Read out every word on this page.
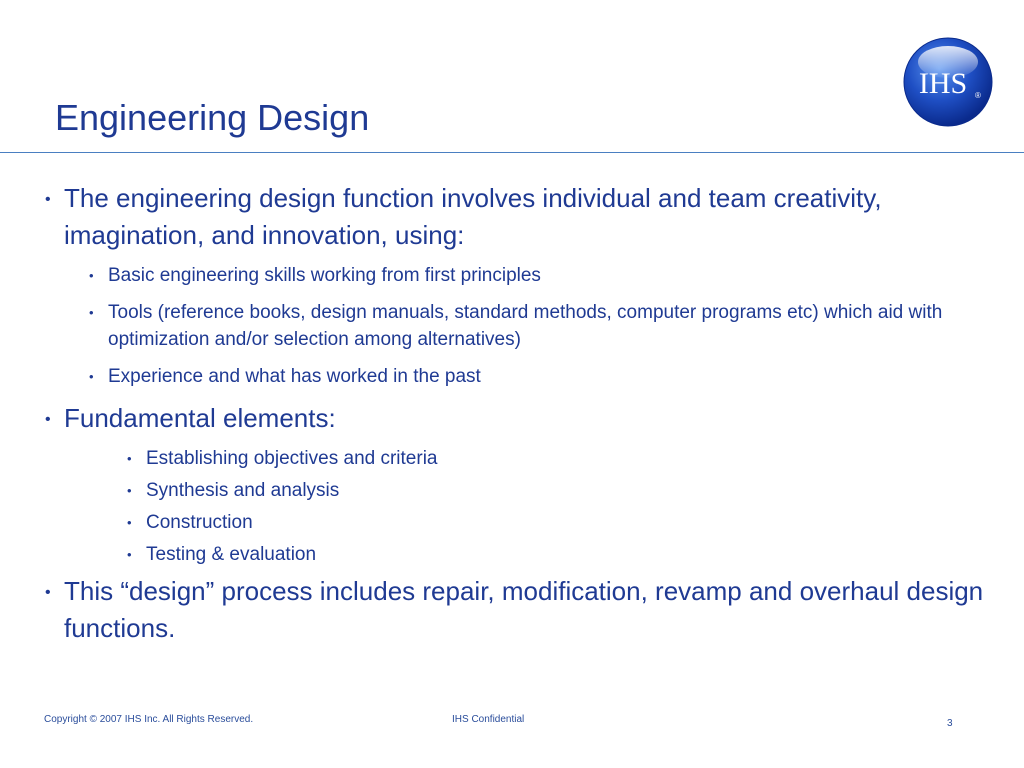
Engineering Design
IHS ®
• The engineering design function involves individual and team creativity, imagination, and innovation, using:
• Basic engineering skills working from first principles
• Tools (reference books, design manuals, standard methods, computer programs etc) which aid with optimization and/or selection among alternatives)
• Experience and what has worked in the past
• Fundamental elements:
• Establishing objectives and criteria
• Synthesis and analysis
• Construction
• Testing & evaluation
• This “design” process includes repair, modification, revamp and overhaul design functions.
Copyright © 2007 IHS Inc. All Rights Reserved.	IHS Confidential	3
